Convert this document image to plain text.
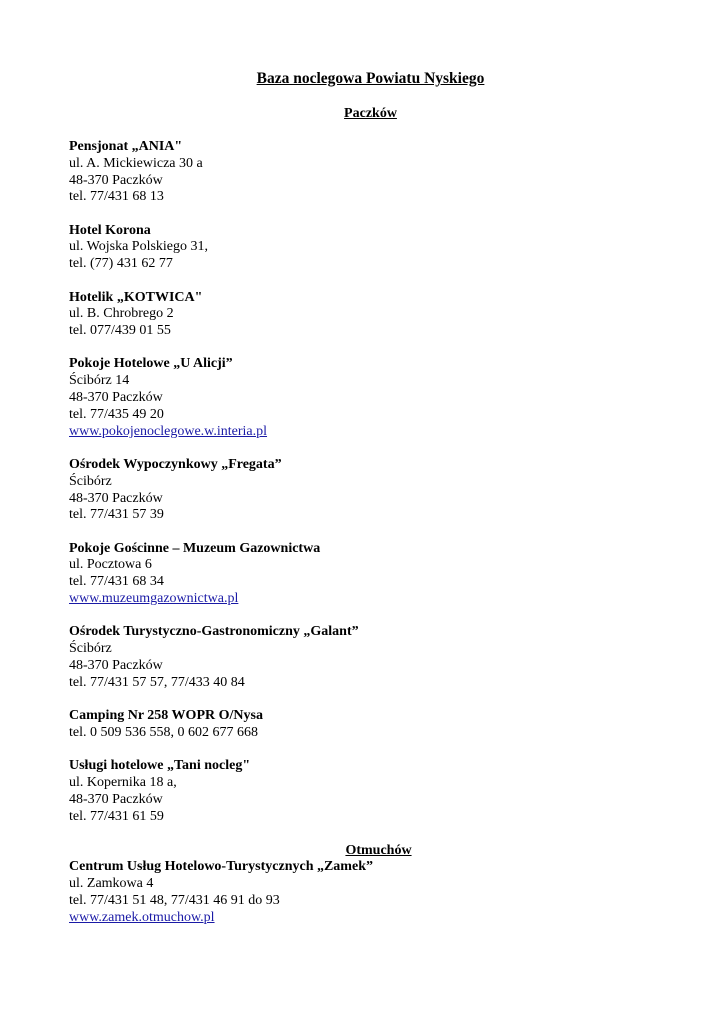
Baza noclegowa Powiatu Nyskiego
Paczków
Pensjonat „ANIA"
ul. A. Mickiewicza 30 a
48-370 Paczków
tel. 77/431 68 13
Hotel Korona
ul. Wojska Polskiego 31,
tel. (77) 431 62 77
Hotelik „KOTWICA"
ul. B. Chrobrego 2
tel. 077/439 01 55
Pokoje Hotelowe „U Alicji”
Ścibórz 14
48-370 Paczków
tel. 77/435 49 20
www.pokojenoclegowe.w.interia.pl
Ośrodek Wypoczynkowy „Fregata”
Ścibórz
48-370 Paczków
tel. 77/431 57 39
Pokoje Gościnne – Muzeum Gazownictwa
ul. Pocztowa 6
tel. 77/431 68 34
www.muzeumgazownictwa.pl
Ośrodek Turystyczno-Gastronomiczny „Galant”
Ścibórz
48-370 Paczków
tel. 77/431 57 57, 77/433 40 84
Camping Nr 258 WOPR O/Nysa
tel. 0 509 536 558, 0 602 677 668
Usługi hotelowe „Tani nocleg"
ul. Kopernika 18 a,
48-370 Paczków
tel. 77/431 61 59
Otmuchów
Centrum Usług Hotelowo-Turystycznych „Zamek”
ul. Zamkowa 4
tel. 77/431 51 48, 77/431 46 91 do 93
www.zamek.otmuchow.pl
